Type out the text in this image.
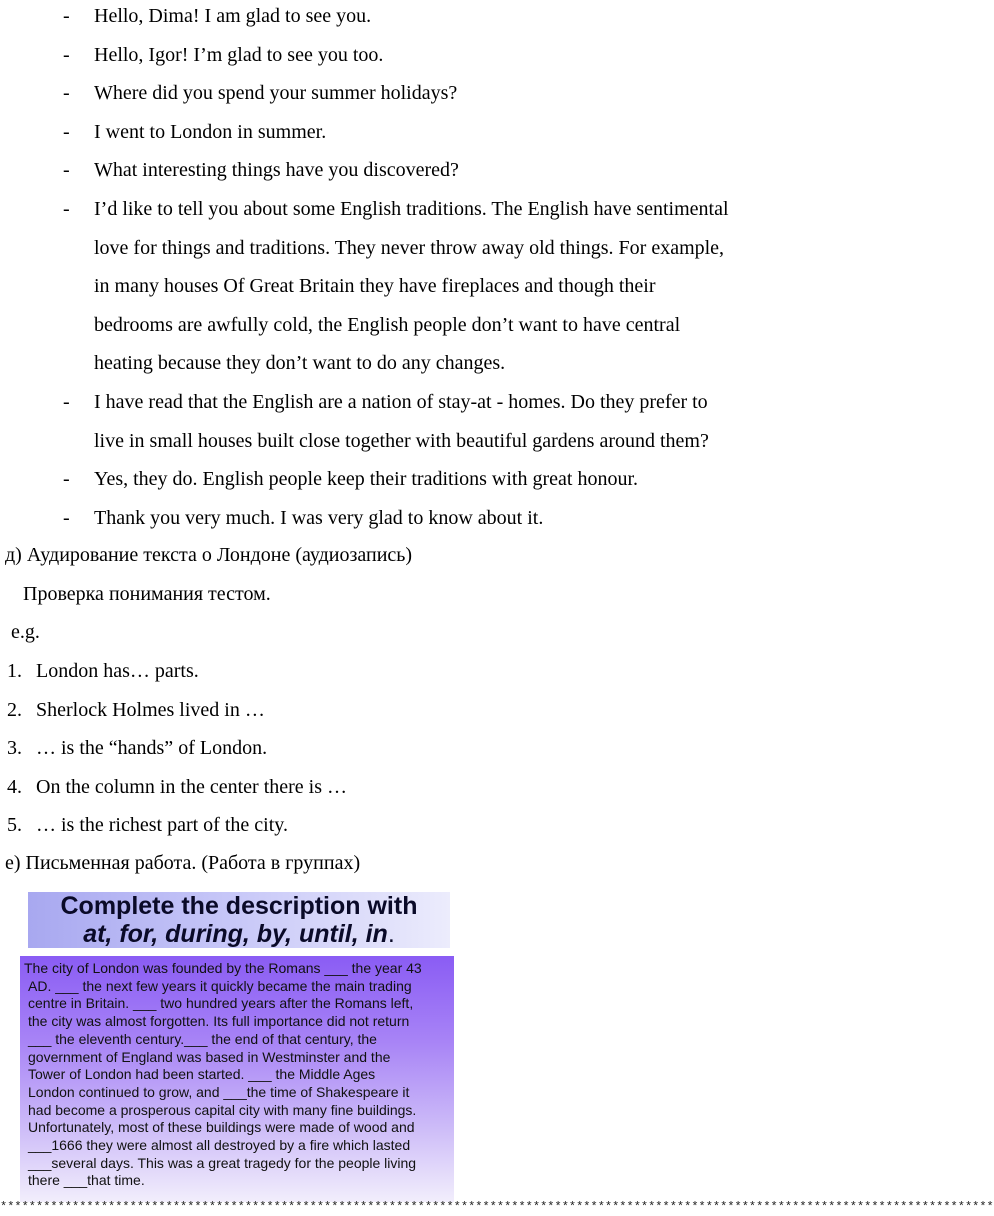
- Hello, Dima! I am glad to see you.
- Hello, Igor! I’m glad to see you too.
- Where did you spend your summer holidays?
- I went to London in summer.
- What interesting things have you discovered?
- I’d like to tell you about some English traditions. The English have sentimental
love for things and traditions. They never throw away old things. For example,
in many houses Of Great Britain they have fireplaces and though their
bedrooms are awfully cold, the English people don’t want to have central
heating because they don’t want to do any changes.
- I have read that the English are a nation of stay-at - homes. Do they prefer to
live in small houses built close together with beautiful gardens around them?
- Yes, they do. English people keep their traditions with great honour.
- Thank you very much. I was very glad to know about it.
д) Аудирование текста о Лондоне (аудиозапись)
Проверка понимания тестом.
e.g.
1. London has… parts.
2. Sherlock Holmes lived in …
3. … is the “hands” of London.
4. On the column in the center there is …
5. … is the richest part of the city.
е) Письменная работа. (Работа в группах)
Complete the description with
at, for, during, by, until, in.
The city of London was founded by the Romans ___ the year 43
AD. ___ the next few years it quickly became the main trading
centre in Britain. ___ two hundred years after the Romans left,
the city was almost forgotten. Its full importance did not return
___ the eleventh century.___ the end of that century, the
government of England was based in Westminster and the
Tower of London had been started. ___ the Middle Ages
London continued to grow, and ___the time of Shakespeare it
had become a prosperous capital city with many fine buildings.
Unfortunately, most of these buildings were made of wood and
___1666 they were almost all destroyed by a fire which lasted
___several days. This was a great tragedy for the people living
there ___that time.
******************************************************************************************************************************************
